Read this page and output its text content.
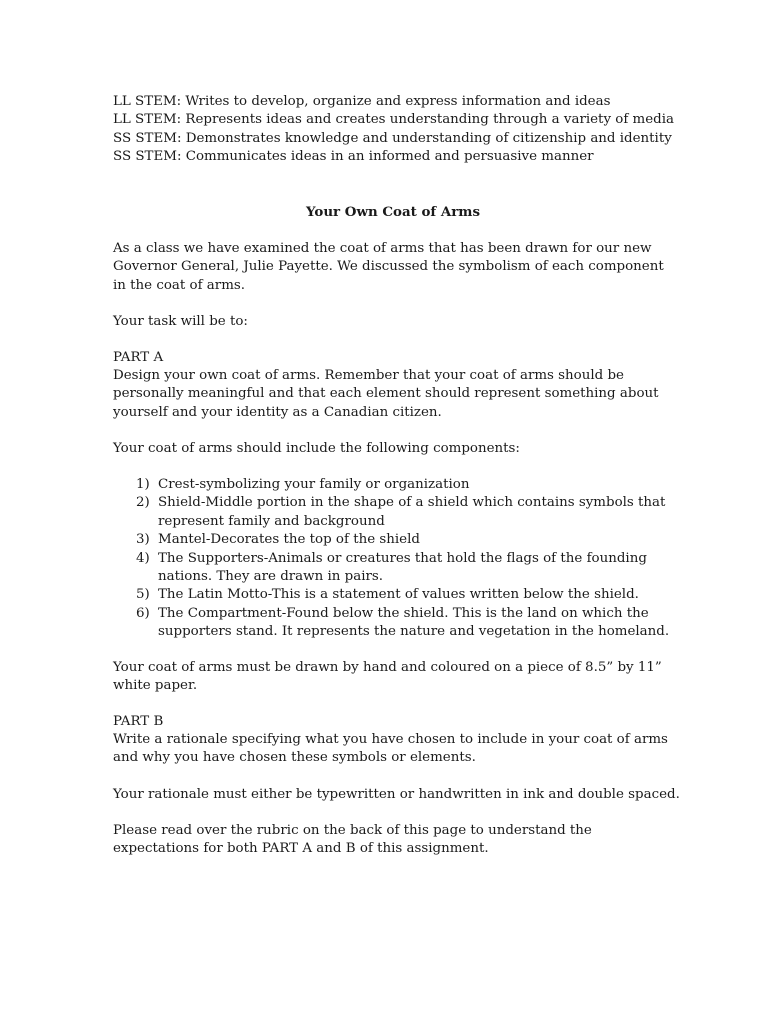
LL STEM: Writes to develop, organize and express information and ideas

LL STEM: Represents ideas and creates understanding through a variety of media

SS STEM: Demonstrates knowledge and understanding of citizenship and identity

SS STEM: Communicates ideas in an informed and persuasive manner

Your Own Coat of Arms

As a class we have examined the coat of arms that has been drawn for our new Governor General, Julie Payette. We discussed the symbolism of each component in the coat of arms.

Your task will be to:

PART A

Design your own coat of arms. Remember that your coat of arms should be personally meaningful and that each element should represent something about yourself and your identity as a Canadian citizen.

Your coat of arms should include the following components:

1) Crest-symbolizing your family or organization
2) Shield-Middle portion in the shape of a shield which contains symbols that represent family and background
3) Mantel-Decorates the top of the shield
4) The Supporters-Animals or creatures that hold the flags of the founding nations. They are drawn in pairs.
5) The Latin Motto-This is a statement of values written below the shield.
6) The Compartment-Found below the shield. This is the land on which the supporters stand. It represents the nature and vegetation in the homeland.

Your coat of arms must be drawn by hand and coloured on a piece of 8.5” by 11” white paper.

PART B

Write a rationale specifying what you have chosen to include in your coat of arms and why you have chosen these symbols or elements.

Your rationale must either be typewritten or handwritten in ink and double spaced.

Please read over the rubric on the back of this page to understand the expectations for both PART A and B of this assignment.
